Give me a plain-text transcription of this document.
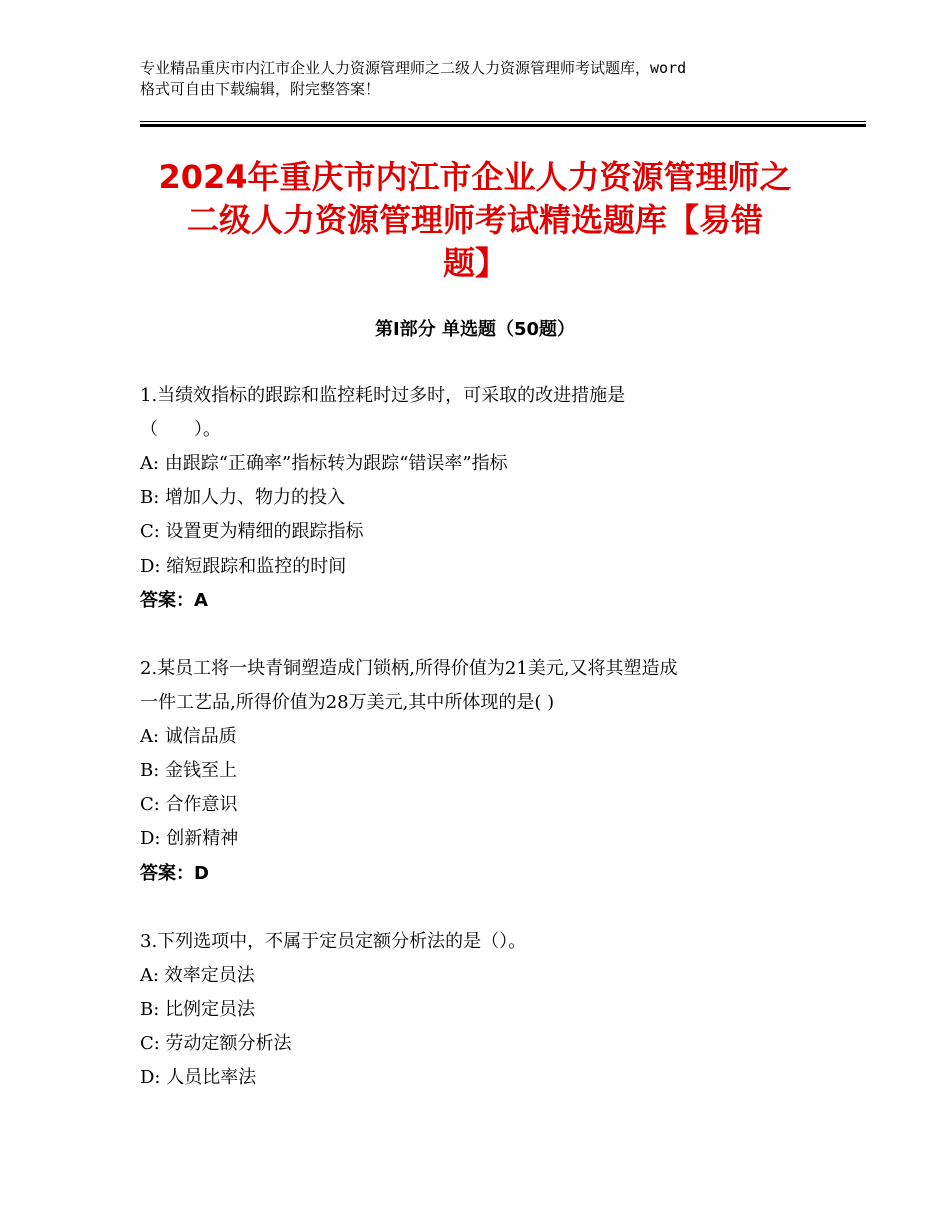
专业精品重庆市内江市企业人力资源管理师之二级人力资源管理师考试题库，word
格式可自由下载编辑，附完整答案！
2024年重庆市内江市企业人力资源管理师之
二级人力资源管理师考试精选题库【易错
题】
第Ⅰ部分 单选题（50题）
1.当绩效指标的跟踪和监控耗时过多时，可采取的改进措施是
（　　）。
A: 由跟踪“正确率”指标转为跟踪“错误率”指标
B: 增加人力、物力的投入
C: 设置更为精细的跟踪指标
D: 缩短跟踪和监控的时间
答案：A
2.某员工将一块青铜塑造成门锁柄,所得价值为21美元,又将其塑造成
一件工艺品,所得价值为28万美元,其中所体现的是( )
A: 诚信品质
B: 金钱至上
C: 合作意识
D: 创新精神
答案：D
3.下列选项中，不属于定员定额分析法的是（）。
A: 效率定员法
B: 比例定员法
C: 劳动定额分析法
D: 人员比率法
